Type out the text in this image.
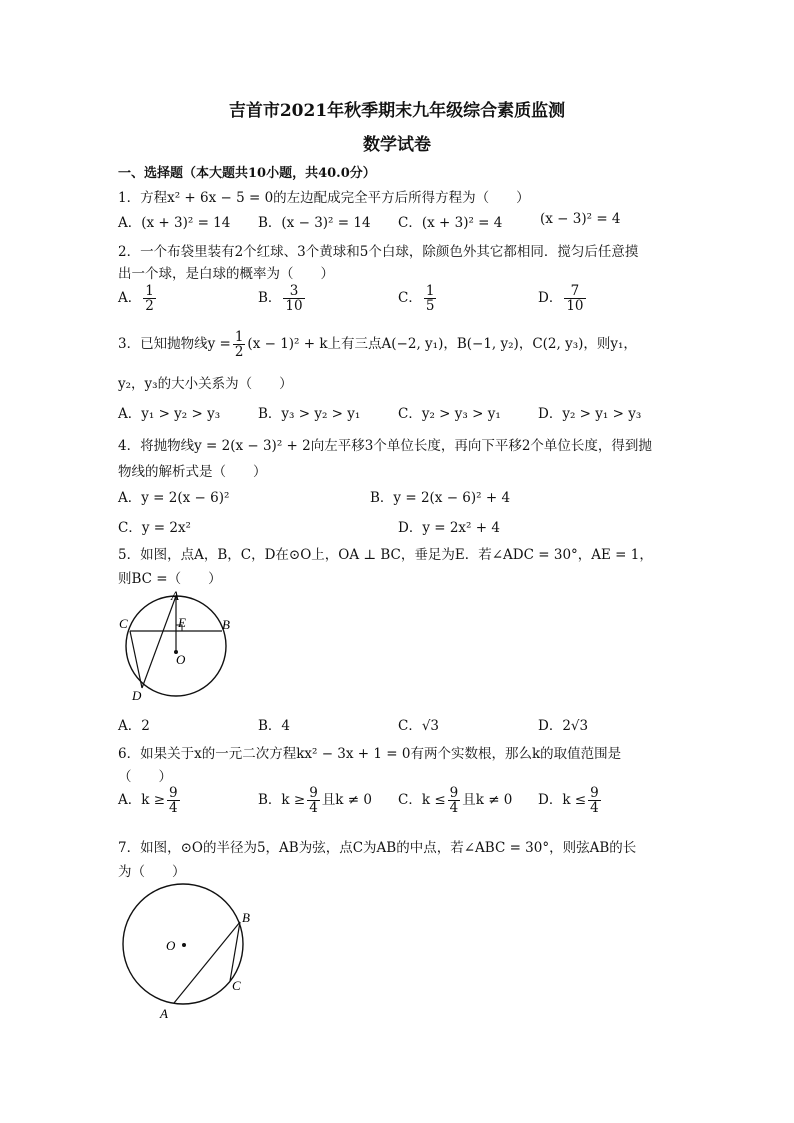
吉首市2021年秋季期末九年级综合素质监测
数学试卷
一、选择题（本大题共10小题，共40.0分）
1．方程x² + 6x − 5 = 0的左边配成完全平方后所得方程为（　　）
A．(x + 3)² = 14 B．(x − 3)² = 14 C．(x + 3)² = 4	(x − 3)² = 4
2．一个布袋里装有2个红球、3个黄球和5个白球，除颜色外其它都相同．搅匀后任意摸
出一个球，是白球的概率为（　　）
A． $\frac{1}{2}$	B． $\frac{3}{10}$	C． $\frac{1}{5}$	D． $\frac{7}{10}$
3．已知抛物线$y = \frac{1}{2} (x - 1)^2 + k$上有三点A(−2, y₁)，B(−1, y₂)，C(2, y₃)，则y₁，
y₂，y₃的大小关系为（　　）
A．y₁ > y₂ > y₃	B．y₃ > y₂ > y₁	C．y₂ > y₃ > y₁	D．y₂ > y₁ > y₃
4．将抛物线y = 2(x − 3)² + 2向左平移3个单位长度，再向下平移2个单位长度，得到抛
物线的解析式是（　　）
A．y = 2(x − 6)²	B．y = 2(x − 6)² + 4
C．y = 2x²	D．y = 2x² + 4
5．如图，点A，B，C，D在⊙O上，OA ⊥ BC，垂足为E．若∠ADC = 30°，AE = 1，
则BC =（　　）
A
B
C
D
E
O
A．2	B．4	C．√3	D．2√3
6．如果关于x的一元二次方程kx² − 3x + 1 = 0有两个实数根，那么k的取值范围是
（　　）
A．$k \ge \frac{9}{4}$	B．$k \ge \frac{9}{4}$ 且k ≠ 0 C．$k \le \frac{9}{4}$ 且k ≠ 0 D．$k \le \frac{9}{4}$
7．如图，⊙O的半径为5，AB为弦，点C为AB的中点，若∠ABC = 30°，则弦AB的长
为（　　）
O
B
C
A
